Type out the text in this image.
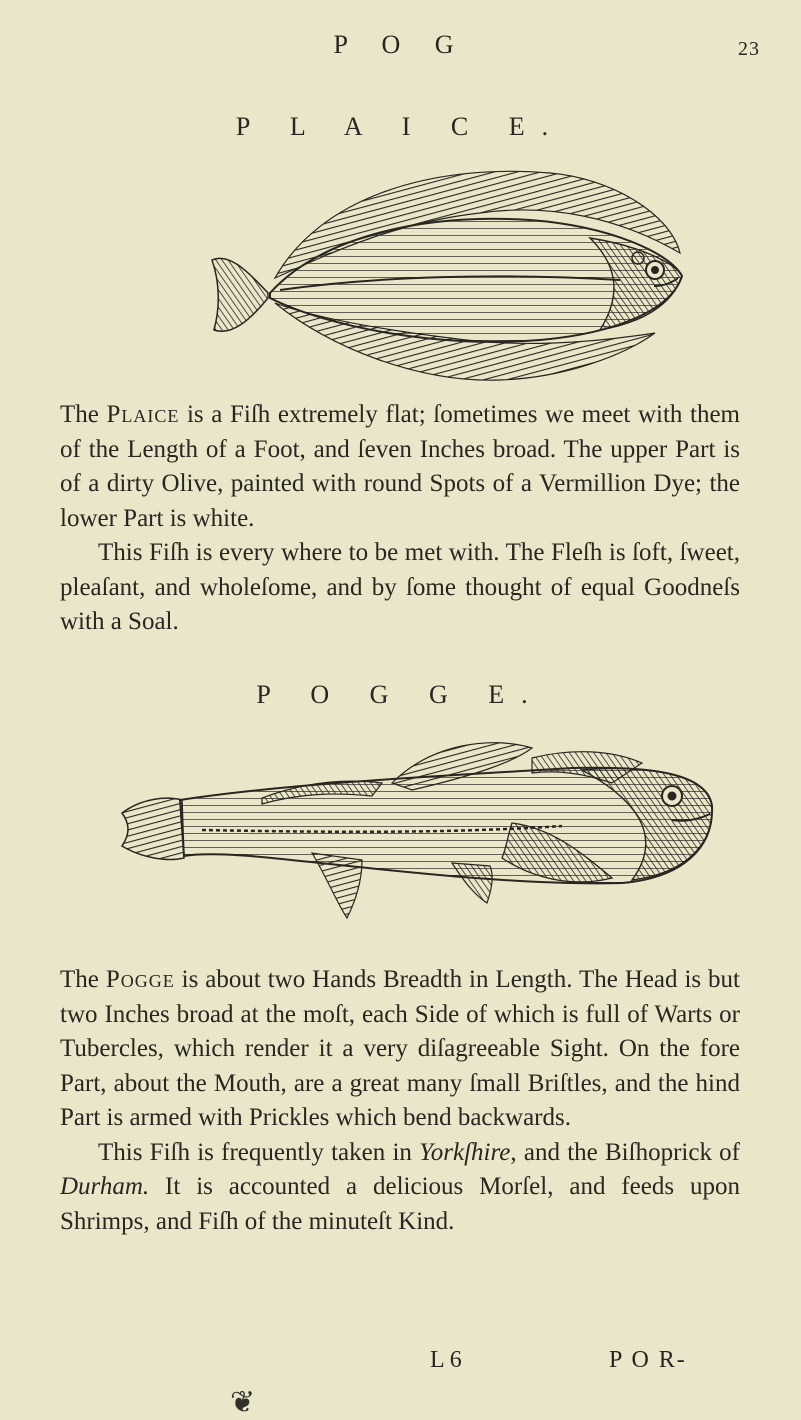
P O G	23
P L A I C E.

The Plaice is a Fiſh extremely flat; ſometimes we meet with them of the Length of a Foot, and ſeven Inches broad. The upper Part is of a dirty Olive, painted with round Spots of a Vermillion Dye; the lower Part is white.

This Fiſh is every where to be met with. The Fleſh is ſoft, ſweet, pleaſant, and wholeſome, and by ſome thought of equal Goodneſs with a Soal.

P O G G E.

The Pogge is about two Hands Breadth in Length. The Head is but two Inches broad at the moſt, each Side of which is full of Warts or Tubercles, which render it a very diſagreeable Sight. On the fore Part, about the Mouth, are a great many ſmall Briſtles, and the hind Part is armed with Prickles which bend backwards.

This Fiſh is frequently taken in Yorkſhire, and the Biſhoprick of Durham. It is accounted a delicious Morſel, and feeds upon Shrimps, and Fiſh of the minuteſt Kind.

L 6	P O R-
❦
